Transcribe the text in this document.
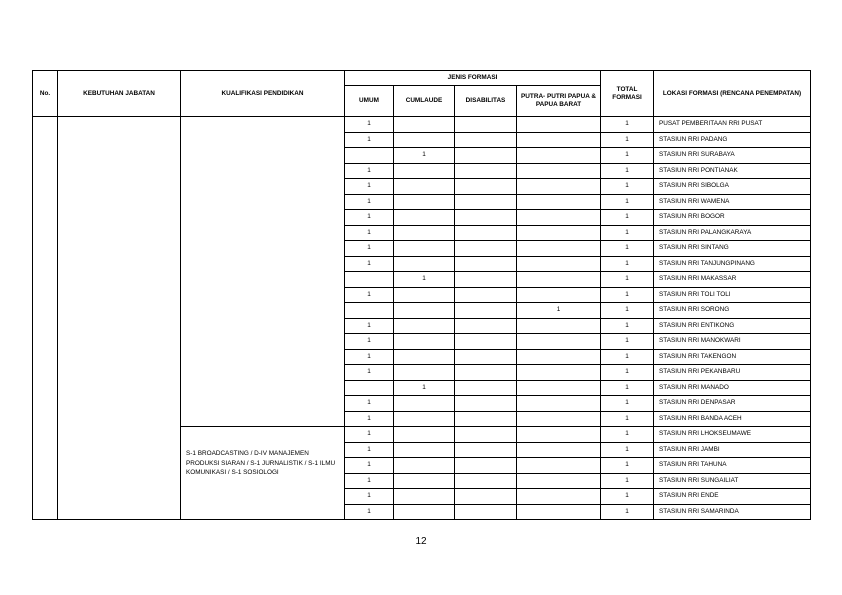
No.	KEBUTUHAN JABATAN	KUALIFIKASI PENDIDIKAN	JENIS FORMASI				TOTAL FORMASI	LOKASI FORMASI (RENCANA PENEMPATAN)
			UMUM	CUMLAUDE	DISABILITAS	PUTRA- PUTRI PAPUA & PAPUA BARAT		
			1				1	PUSAT PEMBERITAAN RRI PUSAT
			1				1	STASIUN RRI PADANG
				1			1	STASIUN RRI SURABAYA
			1				1	STASIUN RRI PONTIANAK
			1				1	STASIUN RRI SIBOLGA
			1				1	STASIUN RRI WAMENA
			1				1	STASIUN RRI BOGOR
			1				1	STASIUN RRI PALANGKARAYA
			1				1	STASIUN RRI SINTANG
			1				1	STASIUN RRI TANJUNGPINANG
				1			1	STASIUN RRI MAKASSAR
			1				1	STASIUN RRI TOLI TOLI
						1	1	STASIUN RRI SORONG
			1				1	STASIUN RRI ENTIKONG
			1				1	STASIUN RRI MANOKWARI
			1				1	STASIUN RRI TAKENGON
			1				1	STASIUN RRI PEKANBARU
				1			1	STASIUN RRI MANADO
			1				1	STASIUN RRI DENPASAR
			1				1	STASIUN RRI BANDA ACEH
		S-1 BROADCASTING / D-IV MANAJEMEN PRODUKSI SIARAN / S-1 JURNALISTIK / S-1 ILMU KOMUNIKASI / S-1 SOSIOLOGI	1				1	STASIUN RRI LHOKSEUMAWE
			1				1	STASIUN RRI JAMBI
			1				1	STASIUN RRI TAHUNA
			1				1	STASIUN RRI SUNGAILIAT
			1				1	STASIUN RRI ENDE
			1				1	STASIUN RRI SAMARINDA
12
